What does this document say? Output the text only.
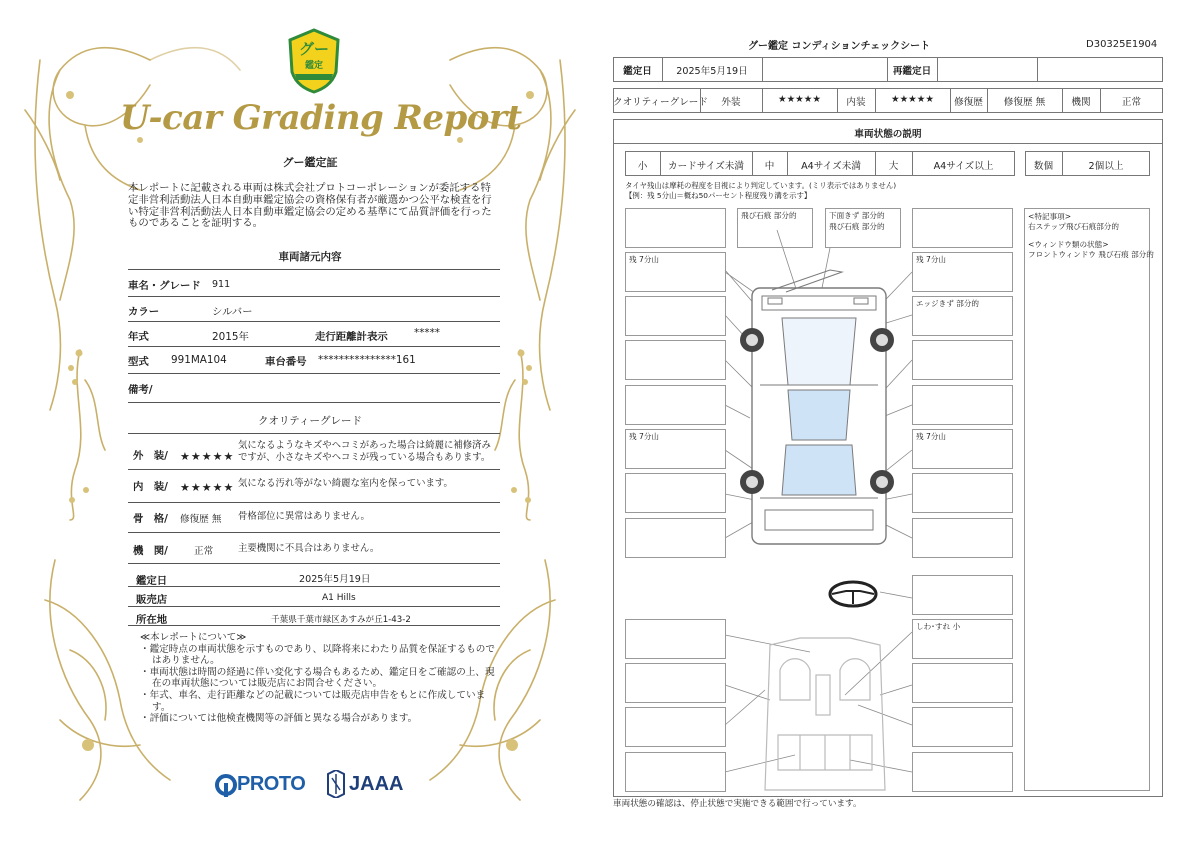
グー
鑑定
U-car Grading Report
グー鑑定証
本レポートに記載される車両は株式会社プロトコーポレーションが委託する特定非営利活動法人日本自動車鑑定協会の資格保有者が厳選かつ公平な検査を行い特定非営利活動法人日本自動車鑑定協会の定める基準にて品質評価を行ったものであることを証明する。
車両諸元内容
車名・グレード 911
カラー	シルバー
年式	2015年	走行距離計表示	*****
型式 991MA104	車台番号 ***************161
備考/
クオリティーグレード
外　装/ ★★★★★
気になるようなキズやヘコミがあった場合は綺麗に補修済みですが、小さなキズやヘコミが残っている場合もあります。
内　装/ ★★★★★ 気になる汚れ等がない綺麗な室内を保っています。
骨　格/ 修復歴 無 骨格部位に異常はありません。
機　関/	正常	主要機関に不具合はありません。
鑑定日	2025年5月19日
販売店	A1 Hills
所在地	千葉県千葉市緑区あすみが丘1-43-2
≪本レポートについて≫
・鑑定時点の車両状態を示すものであり、以降将来にわたり品質を保証するものではありません。
・車両状態は時間の経過に伴い変化する場合もあるため、鑑定日をご確認の上、現在の車両状態については販売店にお問合せください。
・年式、車名、走行距離などの記載については販売店申告をもとに作成しています。
・評価については他検査機関等の評価と異なる場合があります。
PROTO JAAA
グー鑑定 コンディションチェックシート	D30325E1904
鑑定日	2025年5月19日	再鑑定日
クオリティーグレード	外装	★★★★★	内装	★★★★★	修復歴	修復歴 無	機関	正常
車両状態の説明
小	カードサイズ未満	中	A4サイズ未満	大	A4サイズ以上	数個	2個以上
タイヤ残山は摩耗の程度を目視により判定しています。(ミリ表示ではありません)
【例：残 5分山＝概ね50パーセント程度残り溝を示す】
残 7分山
残 7分山
飛び石痕 部分的	下面きず 部分的
飛び石痕 部分的
残 7分山
エッジきず 部分的
残 7分山
しわ･すれ 小
<特記事項>
右ステップ飛び石痕部分的
<ウィンドウ類の状態>
フロントウィンドウ 飛び石痕 部分的
車両状態の確認は、停止状態で実施できる範囲で行っています。
